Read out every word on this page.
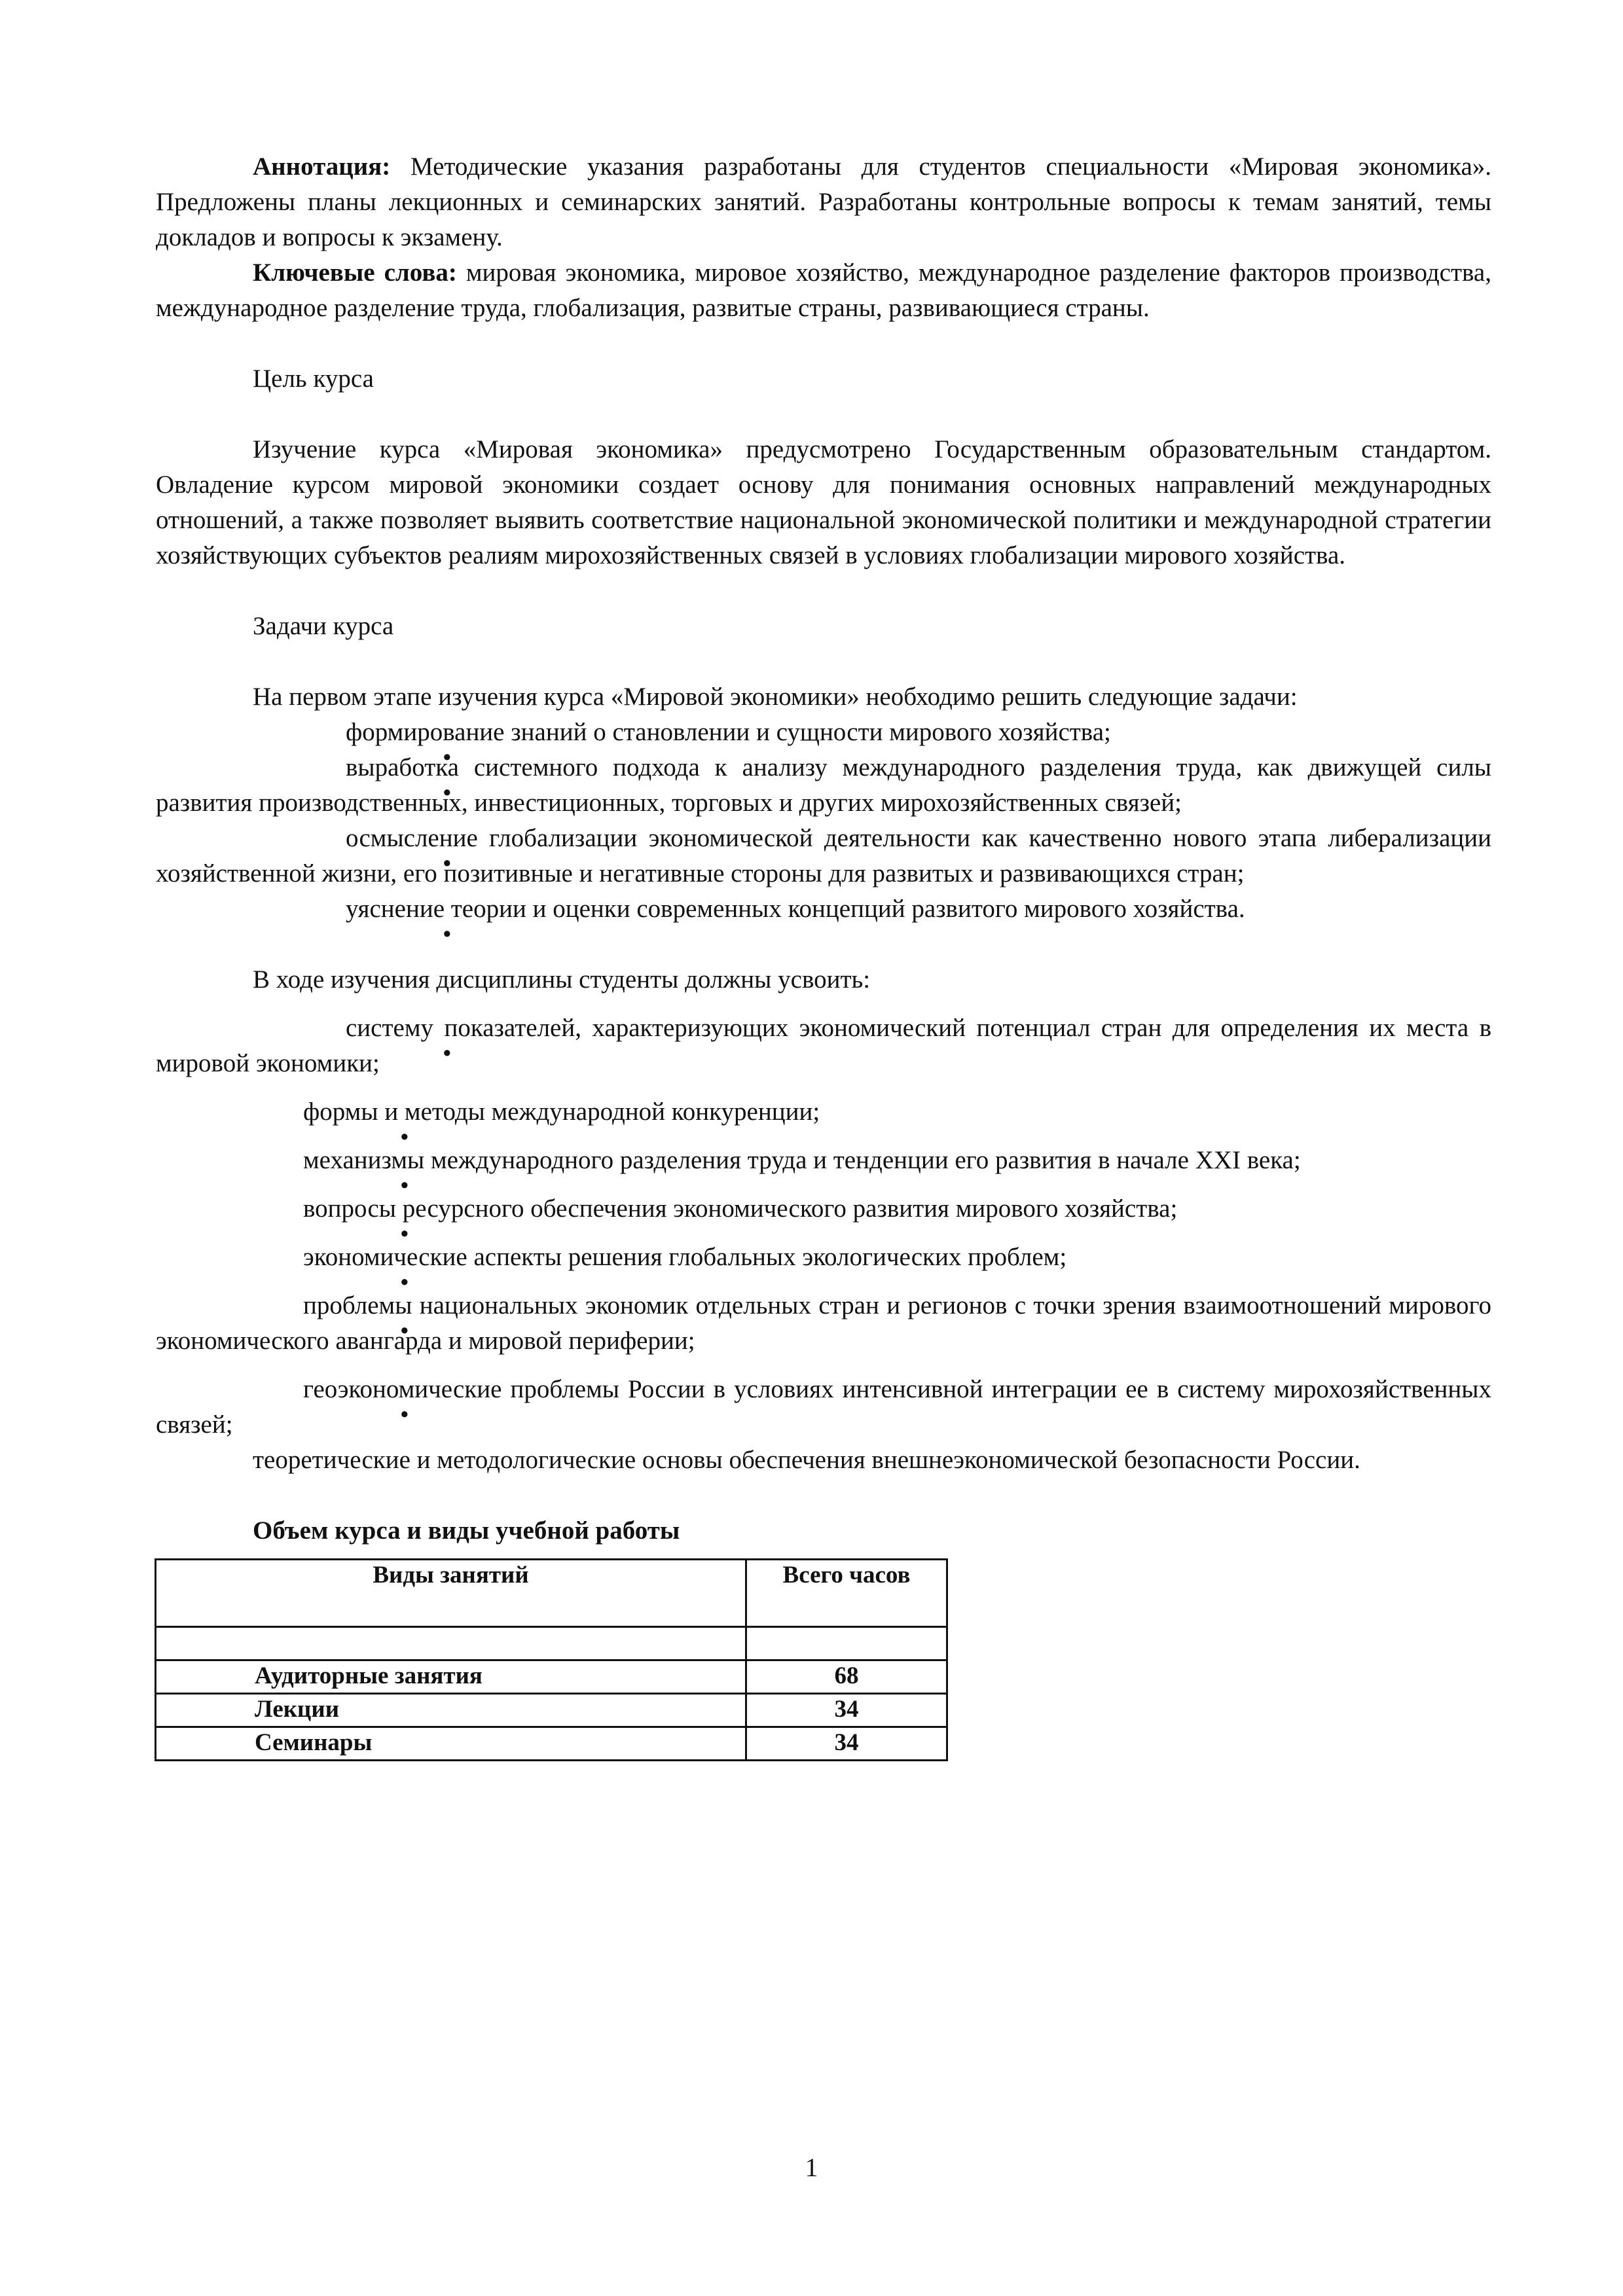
Аннотация: Методические указания разработаны для студентов специальности «Мировая экономика». Предложены планы лекционных и семинарских занятий. Разработаны контрольные вопросы к темам занятий, темы докладов и вопросы к экзамену.

Ключевые слова: мировая экономика, мировое хозяйство, международное разделение факторов производства, международное разделение труда, глобализация, развитые страны, развивающиеся страны.

Цель курса

Изучение курса «Мировая экономика» предусмотрено Государственным образовательным стандартом. Овладение курсом мировой экономики создает основу для понимания основных направлений международных отношений, а также позволяет выявить соответствие национальной экономической политики и международной стратегии хозяйствующих субъектов реалиям мирохозяйственных связей в условиях глобализации мирового хозяйства.

Задачи курса

На первом этапе изучения курса «Мировой экономики» необходимо решить следующие задачи:

формирование знаний о становлении и сущности мирового хозяйства;

выработка системного подхода к анализу международного разделения труда, как движущей силы развития производственных, инвестиционных, торговых и других мирохозяйственных связей;

осмысление глобализации экономической деятельности как качественно нового этапа либерализации хозяйственной жизни, его позитивные и негативные стороны для развитых и развивающихся стран;

уяснение теории и оценки современных концепций развитого мирового хозяйства.

В ходе изучения дисциплины студенты должны усвоить:

систему показателей, характеризующих экономический потенциал стран для определения их места в мировой экономики;

формы и методы международной конкуренции;

механизмы международного разделения труда и тенденции его развития в начале XXI века;

вопросы ресурсного обеспечения экономического развития мирового хозяйства;

экономические аспекты решения глобальных экологических проблем;

проблемы национальных экономик отдельных стран и регионов с точки зрения взаимоотношений мирового экономического авангарда и мировой периферии;

геоэкономические проблемы России в условиях интенсивной интеграции ее в систему мирохозяйственных связей;

теоретические и методологические основы обеспечения внешнеэкономической безопасности России.

Объем курса и виды учебной работы

Виды занятий	Всего часов

Аудиторные занятия	68
Лекции	34
Семинары	34
1
